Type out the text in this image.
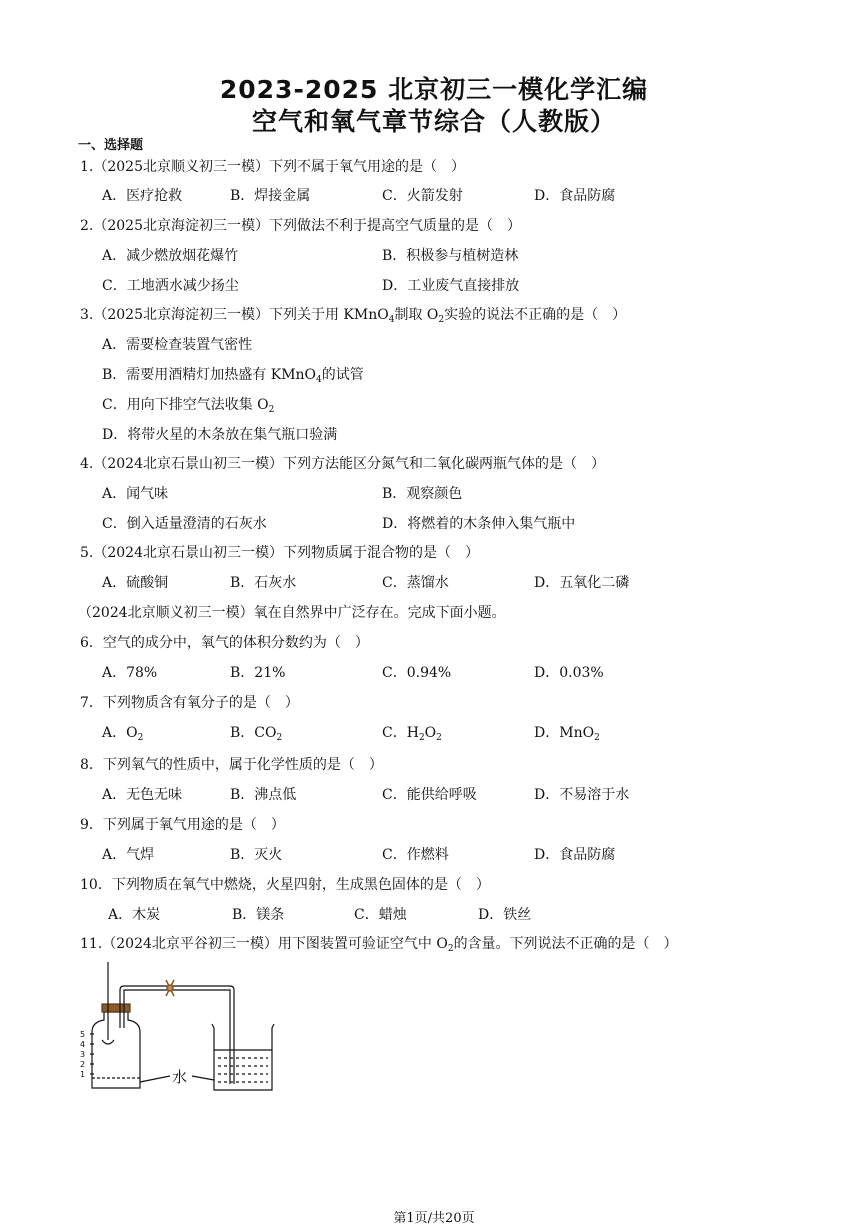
2023-2025 北京初三一模化学汇编
空气和氧气章节综合（人教版）
一、选择题
1.（2025北京顺义初三一模）下列不属于氧气用途的是（　）
A．医疗抢救	B．焊接金属	C．火箭发射	D．食品防腐
2.（2025北京海淀初三一模）下列做法不利于提高空气质量的是（　）
A．减少燃放烟花爆竹	B．积极参与植树造林
C．工地洒水减少扬尘	D．工业废气直接排放
3.（2025北京海淀初三一模）下列关于用 KMnO$_4$制取 $O_2$实验的说法不正确的是（　）
A．需要检查装置气密性
B．需要用酒精灯加热盛有 KMnO$_4$的试管
C．用向下排空气法收集 $O_2$
D．将带火星的木条放在集气瓶口验满
4.（2024北京石景山初三一模）下列方法能区分氮气和二氧化碳两瓶气体的是（　）
A．闻气味	B．观察颜色
C．倒入适量澄清的石灰水	D．将燃着的木条伸入集气瓶中
5.（2024北京石景山初三一模）下列物质属于混合物的是（　）
A．硫酸铜	B．石灰水	C．蒸馏水	D．五氧化二磷
（2024北京顺义初三一模）氧在自然界中广泛存在。完成下面小题。
6．空气的成分中，氧气的体积分数约为（　）
A．78%	B．21%	C．0.94%	D．0.03%
7．下列物质含有氧分子的是（　）
A．$O_2$	B．$CO_2$	C．$H_2O_2$	D．MnO$_2$
8．下列氧气的性质中，属于化学性质的是（　）
A．无色无味	B．沸点低	C．能供给呼吸	D．不易溶于水
9．下列属于氧气用途的是（　）
A．气焊	B．灭火	C．作燃料	D．食品防腐
10．下列物质在氧气中燃烧，火星四射，生成黑色固体的是（　）
A．木炭	B．镁条	C．蜡烛	D．铁丝
11.（2024北京平谷初三一模）用下图装置可验证空气中 $O_2$的含量。下列说法不正确的是（　）
5
4
3
2
1	水
第1页/共20页
